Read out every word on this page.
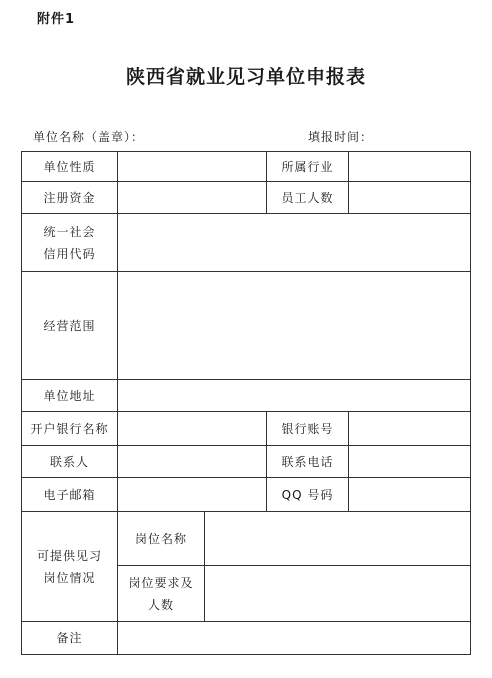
附件1
陕西省就业见习单位申报表
单位名称（盖章）：	填报时间：
单位性质			所属行业	
注册资金			员工人数	

统一社会
信用代码				

经营范围				
单位地址				
开户银行名称			银行账号	
联系人			联系电话	
电子邮箱			QQ 号码	

可提供见习
岗位情况	岗位名称			

	岗位要求及
人数			

备注				
